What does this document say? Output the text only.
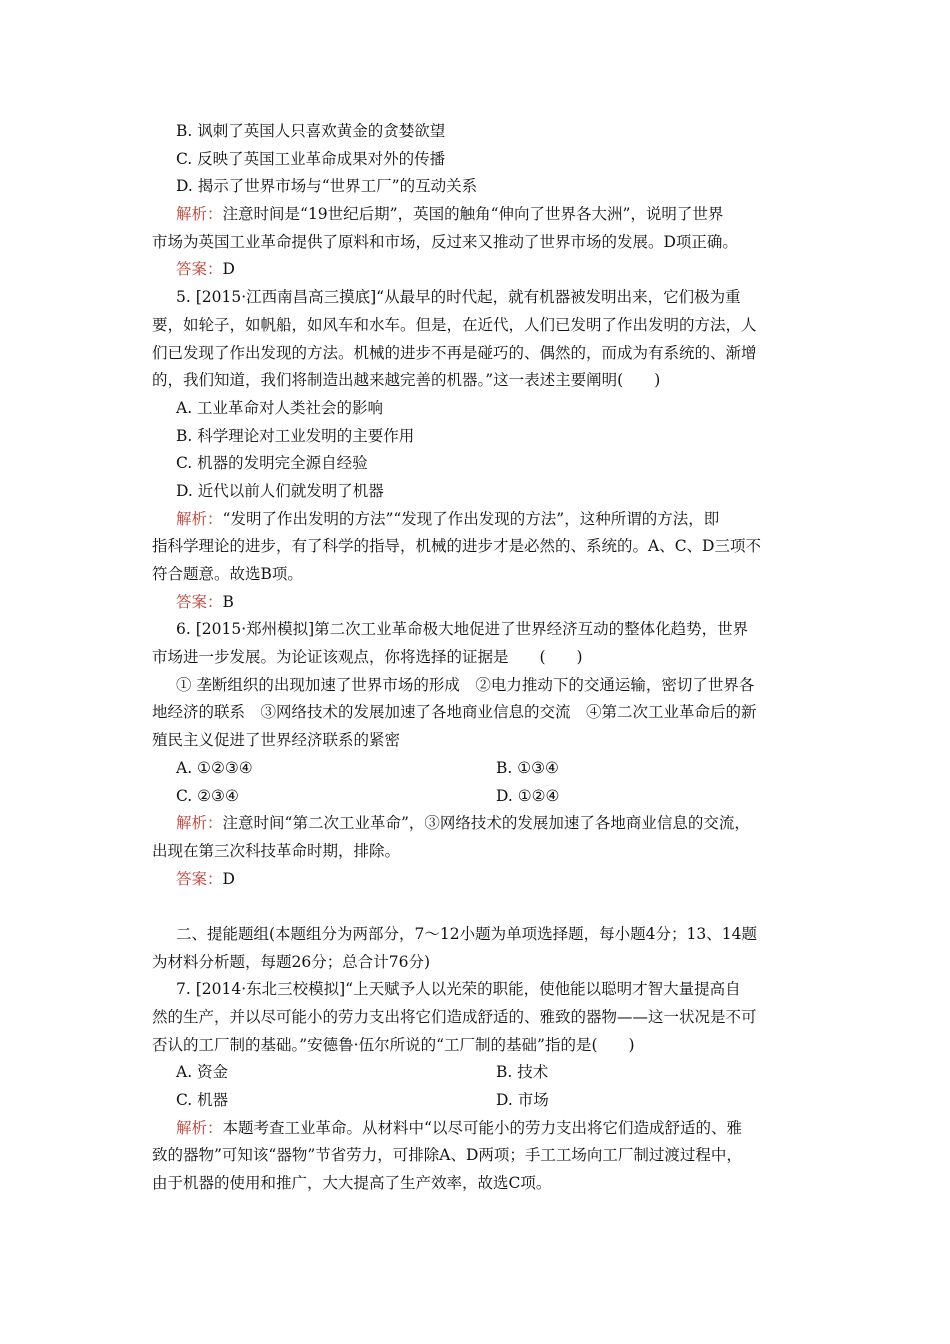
B. 讽刺了英国人只喜欢黄金的贪婪欲望
C. 反映了英国工业革命成果对外的传播
D. 揭示了世界市场与“世界工厂”的互动关系
解析：注意时间是“19世纪后期”，英国的触角“伸向了世界各大洲”，说明了世界
市场为英国工业革命提供了原料和市场，反过来又推动了世界市场的发展。D项正确。
答案：D
5. [2015·江西南昌高三摸底]“从最早的时代起，就有机器被发明出来，它们极为重
要，如轮子，如帆船，如风车和水车。但是，在近代，人们已发明了作出发明的方法，人
们已发现了作出发现的方法。机械的进步不再是碰巧的、偶然的，而成为有系统的、渐增
的，我们知道，我们将制造出越来越完善的机器。”这一表述主要阐明(　　)
A. 工业革命对人类社会的影响
B. 科学理论对工业发明的主要作用
C. 机器的发明完全源自经验
D. 近代以前人们就发明了机器
解析：“发明了作出发明的方法”“发现了作出发现的方法”，这种所谓的方法，即
指科学理论的进步，有了科学的指导，机械的进步才是必然的、系统的。A、C、D三项不
符合题意。故选B项。
答案：B
6. [2015·郑州模拟]第二次工业革命极大地促进了世界经济互动的整体化趋势，世界
市场进一步发展。为论证该观点，你将选择的证据是　　(　　)
① 垄断组织的出现加速了世界市场的形成　②电力推动下的交通运输，密切了世界各
地经济的联系　③网络技术的发展加速了各地商业信息的交流　④第二次工业革命后的新
殖民主义促进了世界经济联系的紧密
A. ①②③④	B. ①③④
C. ②③④	D. ①②④
解析：注意时间“第二次工业革命”，③网络技术的发展加速了各地商业信息的交流，
出现在第三次科技革命时期，排除。
答案：D
二、提能题组(本题组分为两部分，7～12小题为单项选择题，每小题4分；13、14题
为材料分析题，每题26分；总合计76分)
7. [2014·东北三校模拟]“上天赋予人以光荣的职能，使他能以聪明才智大量提高自
然的生产，并以尽可能小的劳力支出将它们造成舒适的、雅致的器物——这一状况是不可
否认的工厂制的基础。”安德鲁·伍尔所说的“工厂制的基础”指的是(　　)
A. 资金	B. 技术
C. 机器	D. 市场
解析：本题考查工业革命。从材料中“以尽可能小的劳力支出将它们造成舒适的、雅
致的器物”可知该“器物”节省劳力，可排除A、D两项；手工工场向工厂制过渡过程中，
由于机器的使用和推广，大大提高了生产效率，故选C项。
